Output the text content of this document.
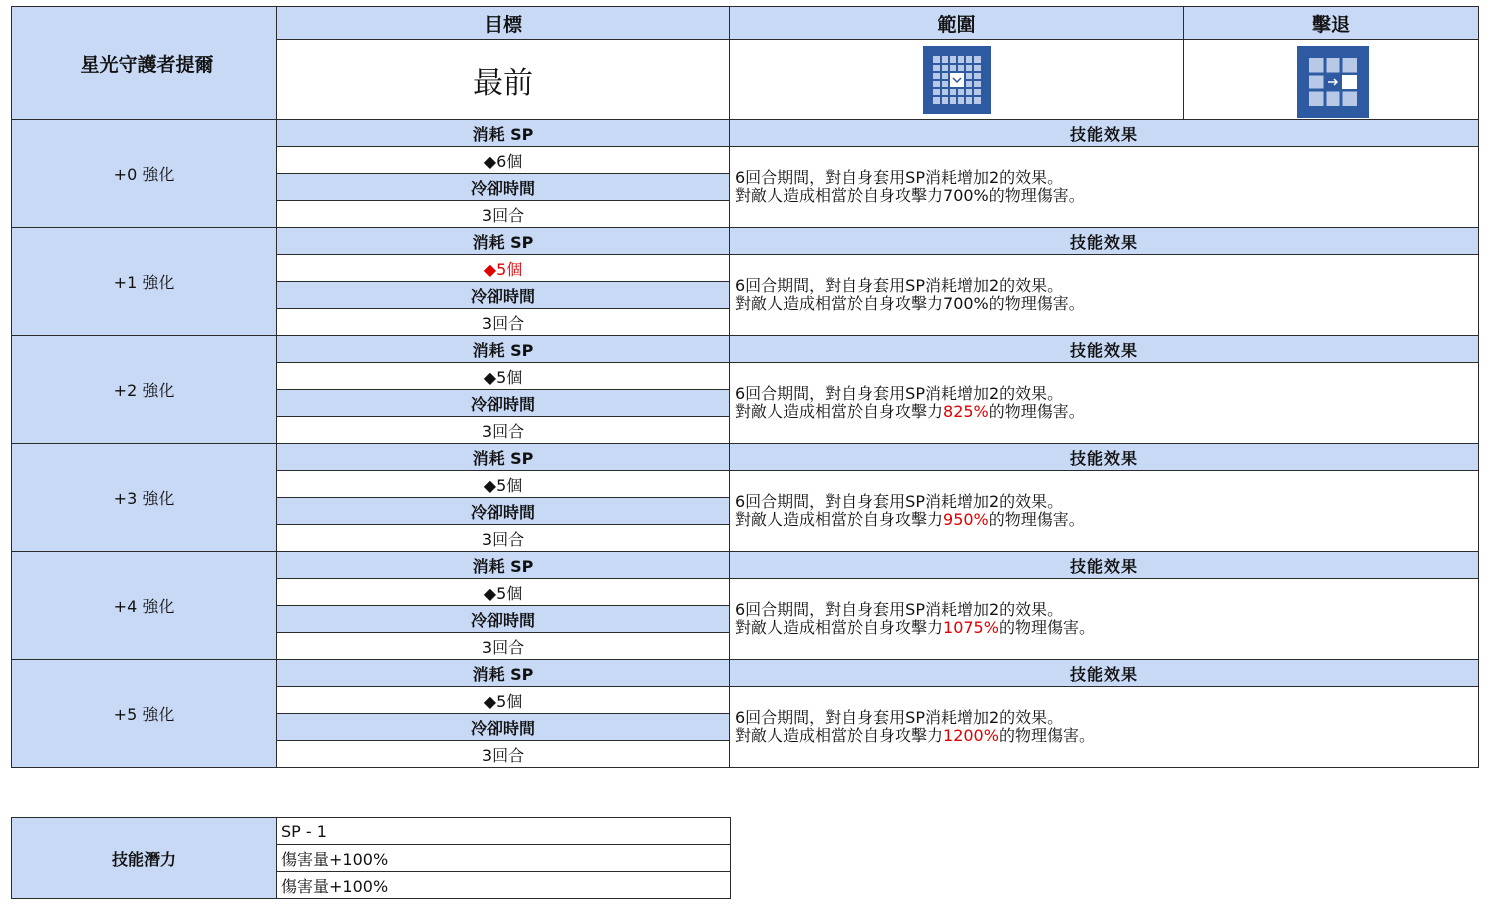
星光守護者提爾	目標	範圍	擊退
	最前		
+0 強化	消耗 SP	技能效果	
	◆6個	6回合期間，對自身套用SP消耗增加2的效果。
對敵人造成相當於自身攻擊力700%的物理傷害。	

	冷卻時間		
	3回合		
+1 強化	消耗 SP	技能效果	
	◆5個	6回合期間，對自身套用SP消耗增加2的效果。
對敵人造成相當於自身攻擊力700%的物理傷害。	

	冷卻時間		
	3回合		
+2 強化	消耗 SP	技能效果	
	◆5個	6回合期間，對自身套用SP消耗增加2的效果。
對敵人造成相當於自身攻擊力825%的物理傷害。	

	冷卻時間		
	3回合		
+3 強化	消耗 SP	技能效果	
	◆5個	6回合期間，對自身套用SP消耗增加2的效果。
對敵人造成相當於自身攻擊力950%的物理傷害。	

	冷卻時間		
	3回合		
+4 強化	消耗 SP	技能效果	
	◆5個	6回合期間，對自身套用SP消耗增加2的效果。
對敵人造成相當於自身攻擊力1075%的物理傷害。	

	冷卻時間		
	3回合		
+5 強化	消耗 SP	技能效果	
	◆5個	6回合期間，對自身套用SP消耗增加2的效果。
對敵人造成相當於自身攻擊力1200%的物理傷害。	

	冷卻時間		
	3回合		
技能潛力	SP - 1
傷害量+100%
傷害量+100%
